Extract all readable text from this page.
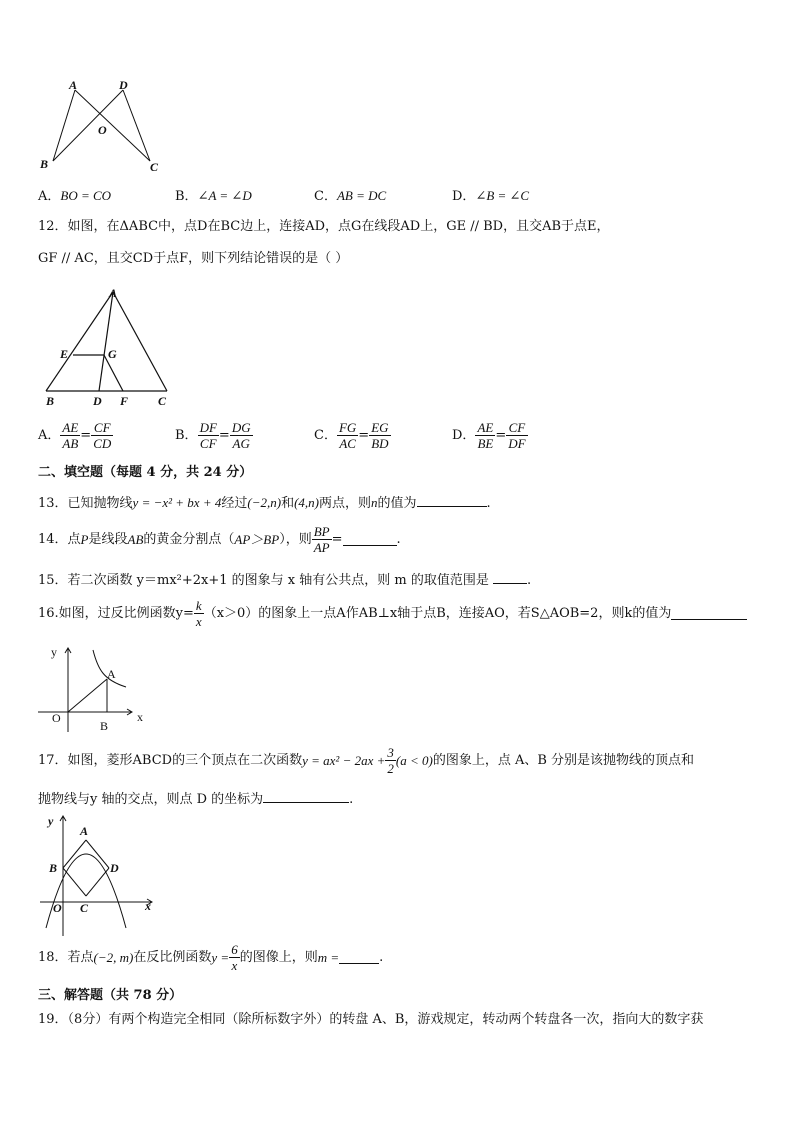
A	D
O
B	C
A．BO = CO	B．∠A = ∠D	C．AB = DC	D．∠B = ∠C
12．如图，在ΔABC中，点D在BC边上，连接AD，点G在线段AD上，GE // BD，且交AB于点E，
GF // AC，且交CD于点F，则下列结论错误的是（ ）
A
E	G
B	D F C
A． $\frac{AE}{AB} = \frac{CF}{CD}$	B． $\frac{DF}{CF} = \frac{DG}{AG}$	C． $\frac{FG}{AC} = \frac{EG}{BD}$	D． $\frac{AE}{BE} = \frac{CF}{DF}$
二、填空题（每题 4 分，共 24 分）
13．已知抛物线y = −x² + bx + 4经过(−2,n)和(4,n)两点，则n的值为	.
14．点 P 是线段 AB 的黄金分割点（ AP＞BP ），则 $\frac{BP}{AP}$ =	.
15．若二次函数 y＝mx²+2x+1 的图象与 x 轴有公共点，则 m 的取值范围是	.
16.如图，过反比例函数$y= \frac{k}{x} (x>0)$的图象上一点A作AB⊥x轴于点B，连接AO，若S△AOB=2，则k的值为
y
A
O
B
x
17．如图，菱形ABCD的三个顶点在二次函数 $y = ax^2 - 2ax + \frac{3}{2} (a < 0)$ 的图象上，点 A、B 分别是该抛物线的顶点和
抛物线与y 轴的交点，则点 D 的坐标为	.
y
A
B	D
O C	x
18．若点 (−2, m) 在反比例函数 $y = \frac{6}{x}$ 的图像上，则 m =	.
三、解答题（共 78 分）
19．（8分）有两个构造完全相同（除所标数字外）的转盘 A、B，游戏规定，转动两个转盘各一次，指向大的数字获
